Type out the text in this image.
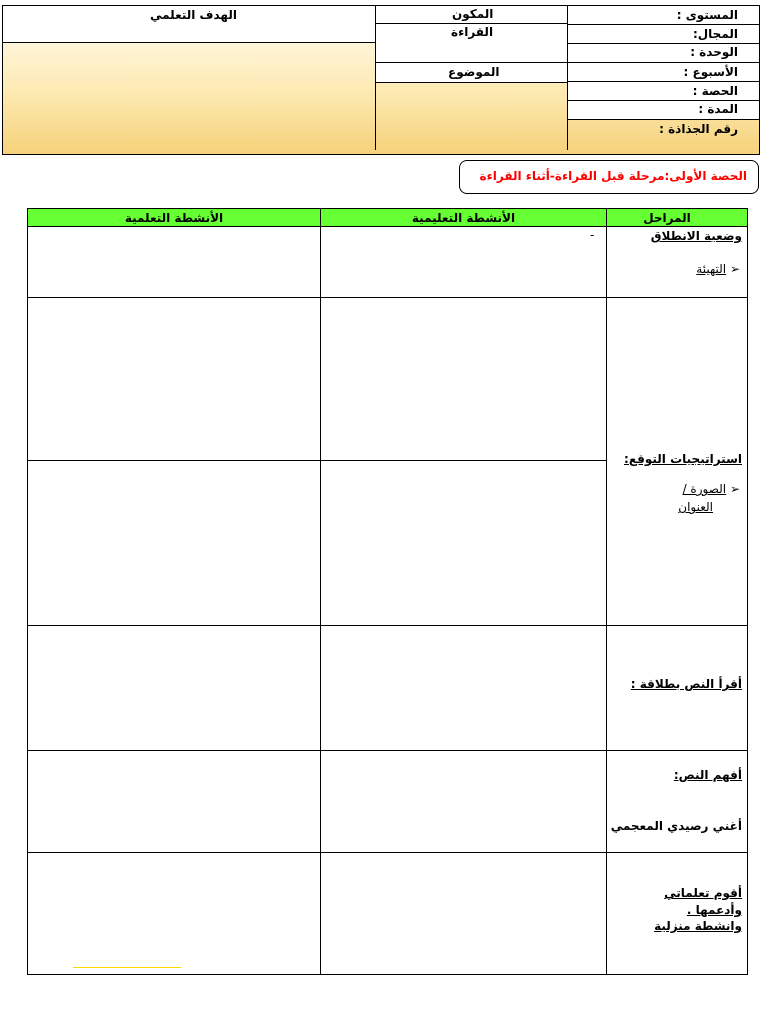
الهدف التعلمي	المكون
القراءة
الموضوع
المستوى :
المجال:
الوحدة :
الأسبوع :
الحصة :
المدة :
رقم الجذاذة :
الحصة الأولى:مرحلة قبل القراءة-أثناء القراءة
المراحل
الأنشطة التعليمية
الأنشطة التعلمية
وضعية الانطلاق
➢ التهيئة
-
استراتيجيات التوقع:
➢ الصورة /
العنوان
أقرأ النص بطلاقة :
أفهم النص:
أغني رصيدي المعجمي
أقوم تعلماتي
وأدعمها .
وانشطة منزلية
